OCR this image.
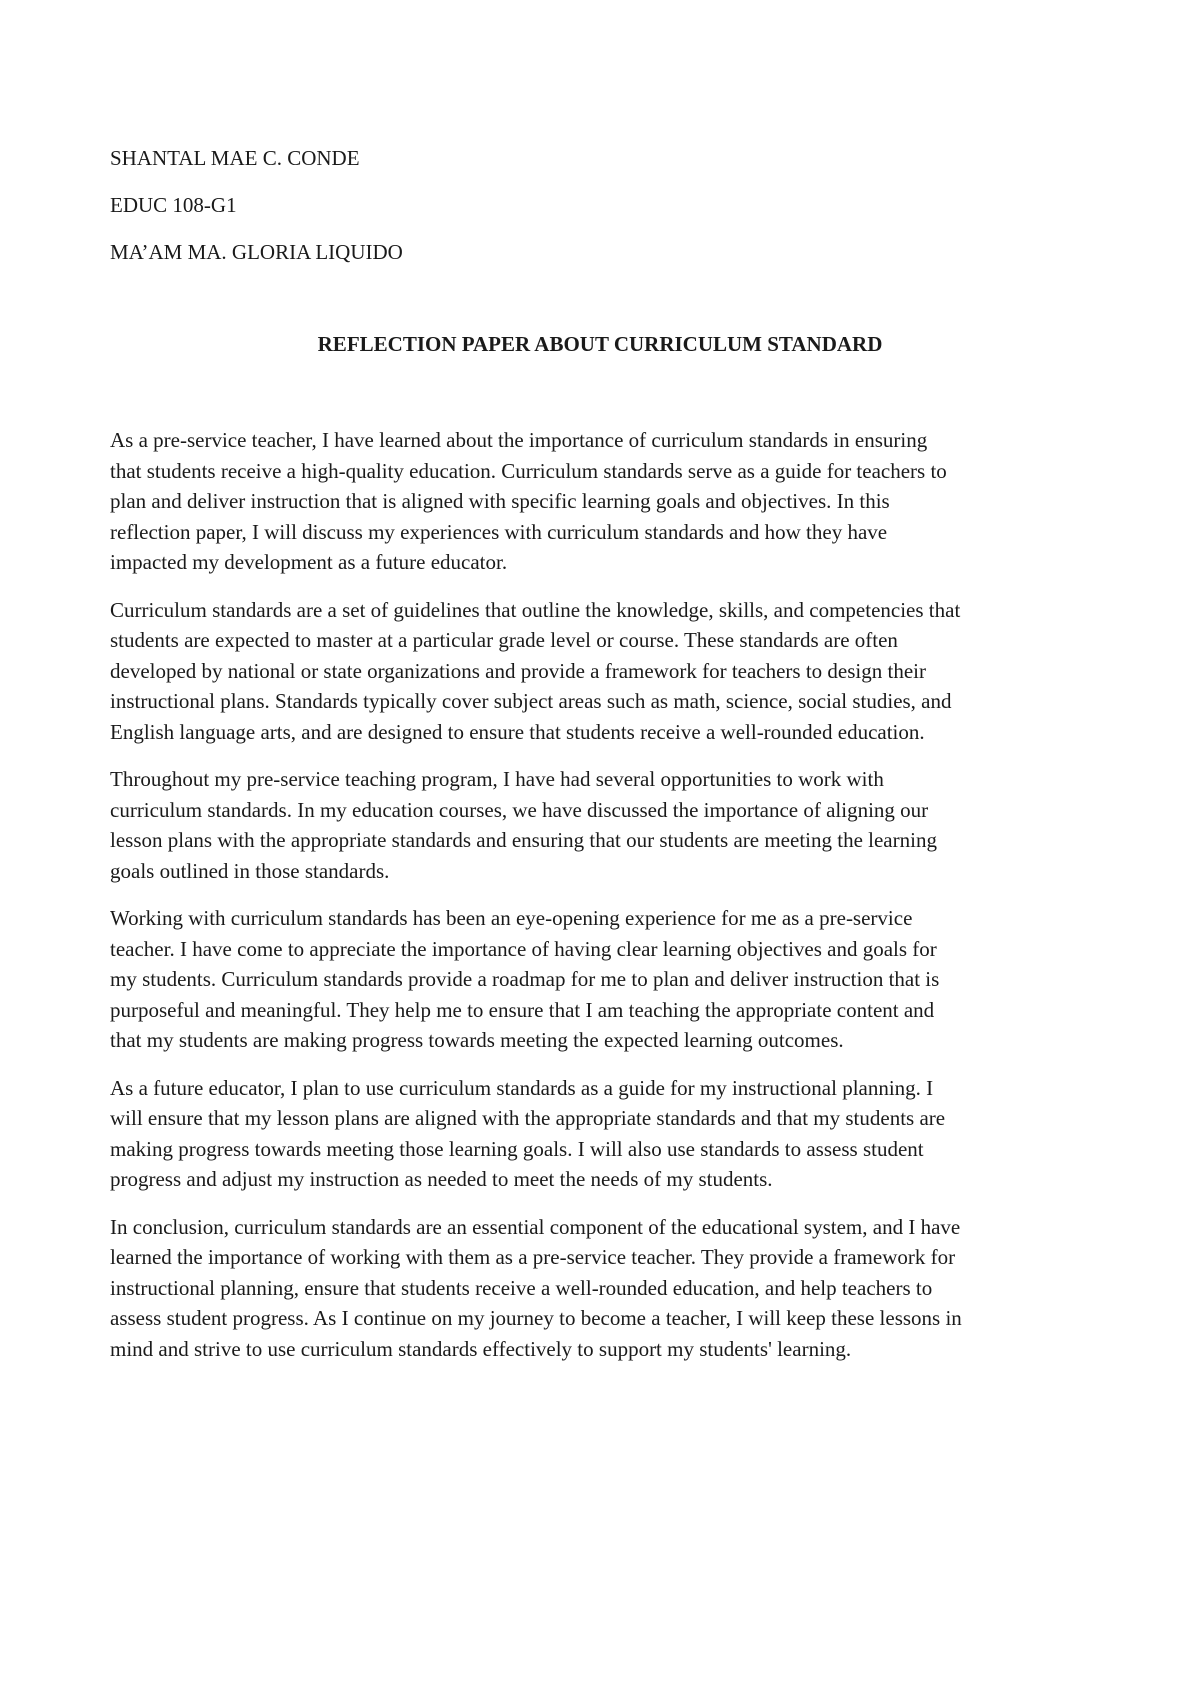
SHANTAL MAE C. CONDE
EDUC 108-G1
MA’AM MA. GLORIA LIQUIDO
REFLECTION PAPER ABOUT CURRICULUM STANDARD
As a pre-service teacher, I have learned about the importance of curriculum standards in ensuring
that students receive a high-quality education. Curriculum standards serve as a guide for teachers to
plan and deliver instruction that is aligned with specific learning goals and objectives. In this
reflection paper, I will discuss my experiences with curriculum standards and how they have
impacted my development as a future educator.
Curriculum standards are a set of guidelines that outline the knowledge, skills, and competencies that
students are expected to master at a particular grade level or course. These standards are often
developed by national or state organizations and provide a framework for teachers to design their
instructional plans. Standards typically cover subject areas such as math, science, social studies, and
English language arts, and are designed to ensure that students receive a well-rounded education.
Throughout my pre-service teaching program, I have had several opportunities to work with
curriculum standards. In my education courses, we have discussed the importance of aligning our
lesson plans with the appropriate standards and ensuring that our students are meeting the learning
goals outlined in those standards.
Working with curriculum standards has been an eye-opening experience for me as a pre-service
teacher. I have come to appreciate the importance of having clear learning objectives and goals for
my students. Curriculum standards provide a roadmap for me to plan and deliver instruction that is
purposeful and meaningful. They help me to ensure that I am teaching the appropriate content and
that my students are making progress towards meeting the expected learning outcomes.
As a future educator, I plan to use curriculum standards as a guide for my instructional planning. I
will ensure that my lesson plans are aligned with the appropriate standards and that my students are
making progress towards meeting those learning goals. I will also use standards to assess student
progress and adjust my instruction as needed to meet the needs of my students.
In conclusion, curriculum standards are an essential component of the educational system, and I have
learned the importance of working with them as a pre-service teacher. They provide a framework for
instructional planning, ensure that students receive a well-rounded education, and help teachers to
assess student progress. As I continue on my journey to become a teacher, I will keep these lessons in
mind and strive to use curriculum standards effectively to support my students' learning.
